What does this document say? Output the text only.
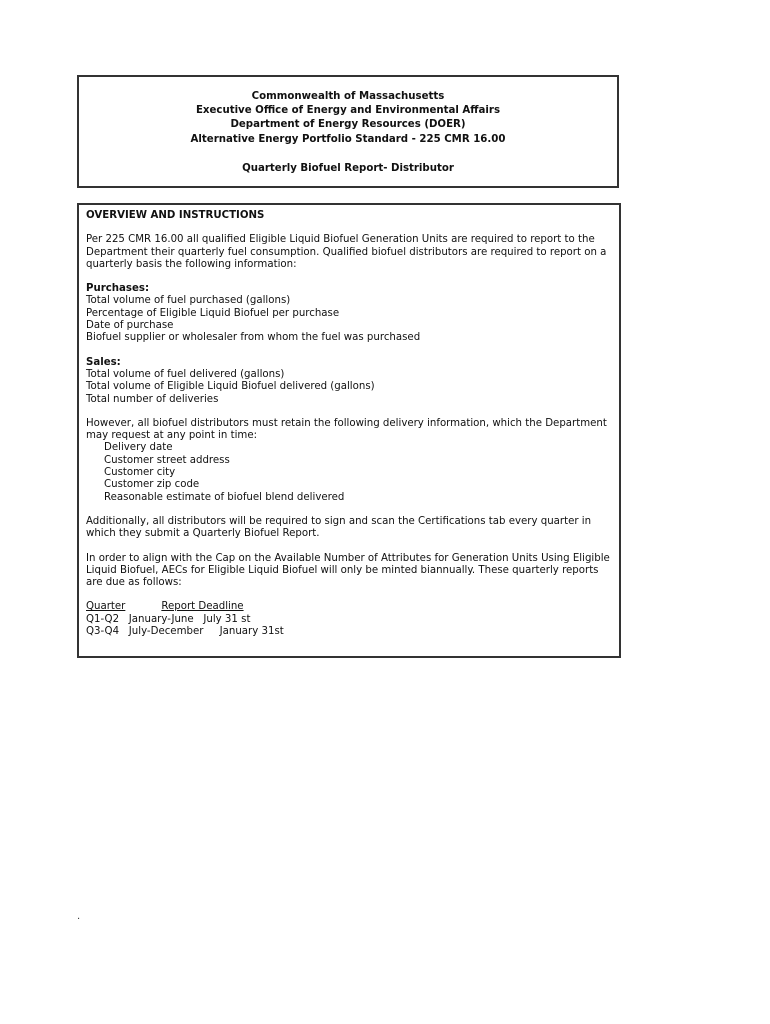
Commonwealth of Massachusetts
Executive Office of Energy and Environmental Affairs
Department of Energy Resources (DOER)
Alternative Energy Portfolio Standard - 225 CMR 16.00
Quarterly Biofuel Report- Distributor
OVERVIEW AND INSTRUCTIONS
Per 225 CMR 16.00 all qualified Eligible Liquid Biofuel Generation Units are required to report to the
Department their quarterly fuel consumption. Qualified biofuel distributors are required to report on a
quarterly basis the following information:
Purchases:
Total volume of fuel purchased (gallons)
Percentage of Eligible Liquid Biofuel per purchase
Date of purchase
Biofuel supplier or wholesaler from whom the fuel was purchased
Sales:
Total volume of fuel delivered (gallons)
Total volume of Eligible Liquid Biofuel delivered (gallons)
Total number of deliveries
However, all biofuel distributors must retain the following delivery information, which the Department
may request at any point in time:
Delivery date
Customer street address
Customer city
Customer zip code
Reasonable estimate of biofuel blend delivered
Additionally, all distributors will be required to sign and scan the Certifications tab every quarter in
which they submit a Quarterly Biofuel Report.
In order to align with the Cap on the Available Number of Attributes for Generation Units Using Eligible
Liquid Biofuel, AECs for Eligible Liquid Biofuel will only be minted biannually. These quarterly reports
are due as follows:
Quarter	Report Deadline
Q1-Q2 January-June July 31 st
Q3-Q4 July-December January 31st
.
